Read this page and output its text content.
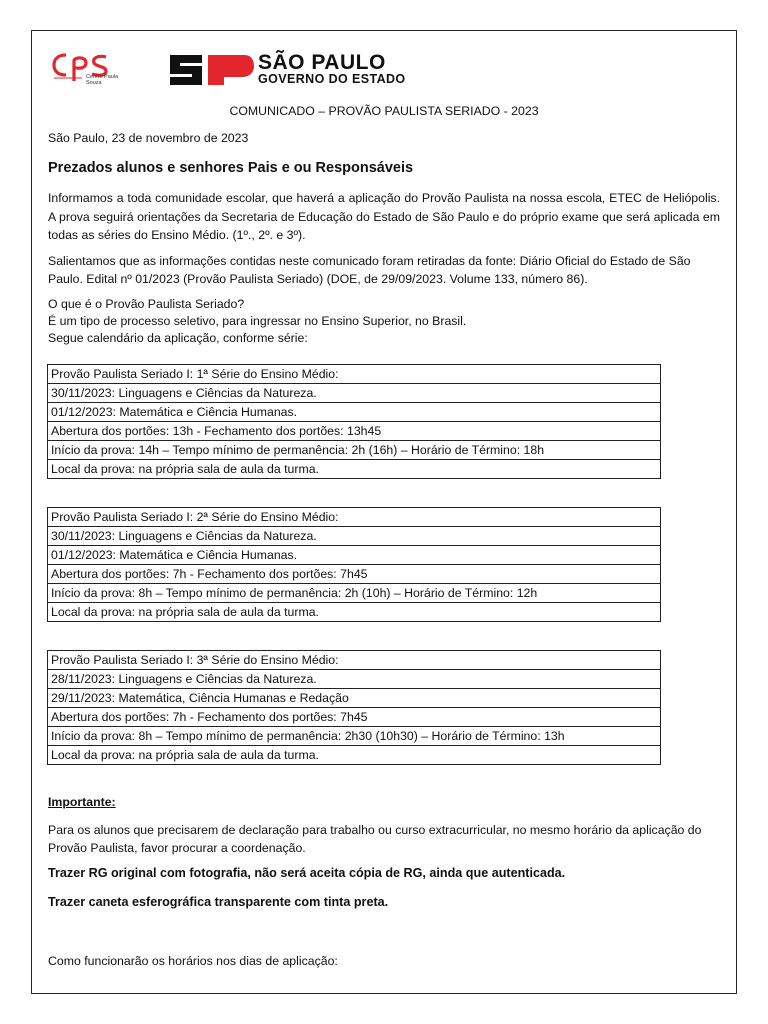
Centro Paula Souza
SÃO PAULO
GOVERNO DO ESTADO
COMUNICADO – PROVÃO PAULISTA SERIADO - 2023
São Paulo, 23 de novembro de 2023
Prezados alunos e senhores Pais e ou Responsáveis
Informamos a toda comunidade escolar, que haverá a aplicação do Provão Paulista na nossa escola, ETEC de Heliópolis. A prova seguirá orientações da Secretaria de Educação do Estado de São Paulo e do próprio exame que será aplicada em todas as séries do Ensino Médio. (1º., 2º. e 3º).
Salientamos que as informações contidas neste comunicado foram retiradas da fonte: Diário Oficial do Estado de São Paulo. Edital nº 01/2023 (Provão Paulista Seriado) (DOE, de 29/09/2023. Volume 133, número 86).
O que é o Provão Paulista Seriado?
É um tipo de processo seletivo, para ingressar no Ensino Superior, no Brasil.
Segue calendário da aplicação, conforme série:
Provão Paulista Seriado I: 1ª Série do Ensino Médio:
30/11/2023: Linguagens e Ciências da Natureza.
01/12/2023: Matemática e Ciência Humanas.
Abertura dos portões: 13h - Fechamento dos portões: 13h45
Início da prova: 14h – Tempo mínimo de permanência: 2h (16h) – Horário de Término: 18h
Local da prova: na própria sala de aula da turma.
Provão Paulista Seriado I: 2ª Série do Ensino Médio:
30/11/2023: Linguagens e Ciências da Natureza.
01/12/2023: Matemática e Ciência Humanas.
Abertura dos portões: 7h - Fechamento dos portões: 7h45
Início da prova: 8h – Tempo mínimo de permanência: 2h (10h) – Horário de Término: 12h
Local da prova: na própria sala de aula da turma.
Provão Paulista Seriado I: 3ª Série do Ensino Médio:
28/11/2023: Linguagens e Ciências da Natureza.
29/11/2023: Matemática, Ciência Humanas e Redação
Abertura dos portões: 7h - Fechamento dos portões: 7h45
Início da prova: 8h – Tempo mínimo de permanência: 2h30 (10h30) – Horário de Término: 13h
Local da prova: na própria sala de aula da turma.
Importante:
Para os alunos que precisarem de declaração para trabalho ou curso extracurricular, no mesmo horário da aplicação do Provão Paulista, favor procurar a coordenação.
Trazer RG original com fotografia, não será aceita cópia de RG, ainda que autenticada.
Trazer caneta esferográfica transparente com tinta preta.
Como funcionarão os horários nos dias de aplicação:
